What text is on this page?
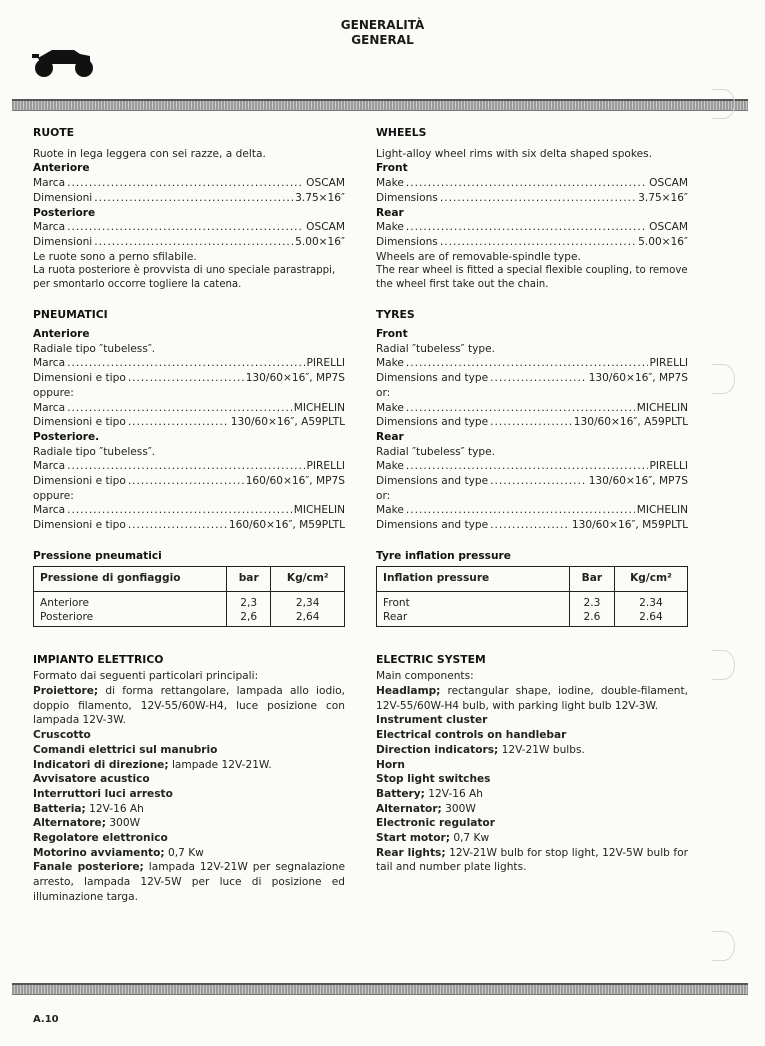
GENERALITÀ
GENERAL
RUOTE
Ruote in lega leggera con sei razze, a delta.
Anteriore
Marca .....	OSCAM
Dimensioni .....	3.75×16″
Posteriore
Marca .....	OSCAM
Dimensioni .....	5.00×16″
Le ruote sono a perno sfilabile.
La ruota posteriore è provvista di uno speciale parastrappi, per smontarlo occorre togliere la catena.
PNEUMATICI
Anteriore
Radiale tipo ″tubeless″.
Marca .....	PIRELLI
Dimensioni e tipo .....	130/60×16″, MP7S
oppure:
Marca .....	MICHELIN
Dimensioni e tipo .....	130/60×16″, A59PLTL
Posteriore.
Radiale tipo ″tubeless″.
Marca .....	PIRELLI
Dimensioni e tipo .....	160/60×16″, MP7S
oppure:
Marca .....	MICHELIN
Dimensioni e tipo .....	160/60×16″, M59PLTL
Pressione pneumatici
Pressione di gonfiaggio	bar	Kg/cm²
Anteriore	2,3	2,34
Posteriore	2,6	2,64
IMPIANTO ELETTRICO
Formato dai seguenti particolari principali:
Proiettore; di forma rettangolare, lampada allo iodio, doppio filamento, 12V-55/60W-H4, luce posizione con lampada 12V-3W.
Cruscotto
Comandi elettrici sul manubrio
Indicatori di direzione; lampade 12V-21W.
Avvisatore acustico
Interruttori luci arresto
Batteria; 12V-16 Ah
Alternatore; 300W
Regolatore elettronico
Motorino avviamento; 0,7 Kw
Fanale posteriore; lampada 12V-21W per segnalazione arresto, lampada 12V-5W per luce di posizione ed illuminazione targa.
WHEELS
Light-alloy wheel rims with six delta shaped spokes.
Front
Make .....	OSCAM
Dimensions .....	3.75×16″
Rear
Make .....	OSCAM
Dimensions .....	5.00×16″
Wheels are of removable-spindle type.
The rear wheel is fitted a special flexible coupling, to remove the wheel first take out the chain.
TYRES
Front
Radial ″tubeless″ type.
Make .....	PIRELLI
Dimensions and type .....	130/60×16″, MP7S
or:
Make .....	MICHELIN
Dimensions and type .....	130/60×16″, A59PLTL
Rear
Radial ″tubeless″ type.
Make .....	PIRELLI
Dimensions and type .....	130/60×16″, MP7S
or:
Make .....	MICHELIN
Dimensions and type .....	130/60×16″, M59PLTL
Tyre inflation pressure
Inflation pressure	Bar	Kg/cm²
Front	2.3	2.34
Rear	2.6	2.64
ELECTRIC SYSTEM
Main components:
Headlamp; rectangular shape, iodine, double-filament, 12V-55/60W-H4 bulb, with parking light bulb 12V-3W.
Instrument cluster
Electrical controls on handlebar
Direction indicators; 12V-21W bulbs.
Horn
Stop light switches
Battery; 12V-16 Ah
Alternator; 300W
Electronic regulator
Start motor; 0,7 Kw
Rear lights; 12V-21W bulb for stop light, 12V-5W bulb for tail and number plate lights.
A.10
